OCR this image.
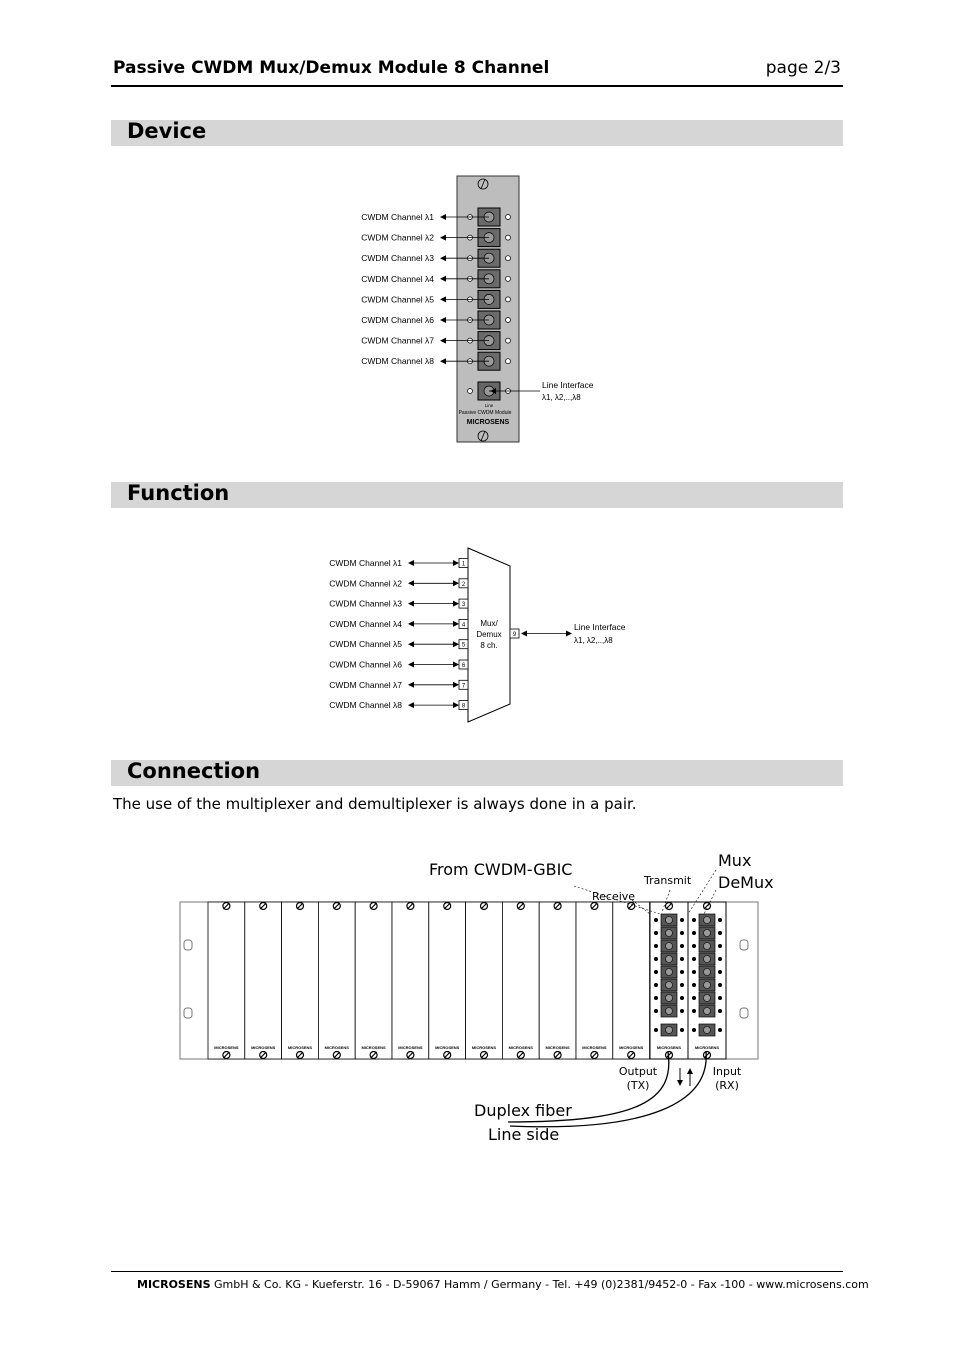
Passive CWDM Mux/Demux Module 8 Channel	page 2/3
Device
CWDM Channel λ1
CWDM Channel λ2
CWDM Channel λ3
CWDM Channel λ4
CWDM Channel λ5
CWDM Channel λ6
CWDM Channel λ7
CWDM Channel λ8
Line
Passive CWDM Module
MICROSENS
Line Interface
λ1, λ2,..,λ8
Function
Mux/
Demux
8 ch.
1
CWDM Channel λ1
2
CWDM Channel λ2
3
CWDM Channel λ3
4
CWDM Channel λ4
5
CWDM Channel λ5
6
CWDM Channel λ6
7
CWDM Channel λ7
8
CWDM Channel λ8
9
Line Interface
λ1, λ2,..,λ8
Connection
The use of the multiplexer and demultiplexer is always done in a pair.
MICROSENS	MICROSENS	MICROSENS	MICROSENS	MICROSENS	MICROSENS	MICROSENS	MICROSENS	MICROSENS	MICROSENS	MICROSENS	MICROSENS	MICROSENS	MICROSENS
From CWDM-GBIC	Mux
DeMux
Transmit
Receive
Output
(TX)
Input
(RX)
Duplex fiber
Line side
MICROSENS GmbH & Co. KG - Kueferstr. 16 - D-59067 Hamm / Germany - Tel. +49 (0)2381/9452-0 - Fax -100 - www.microsens.com
